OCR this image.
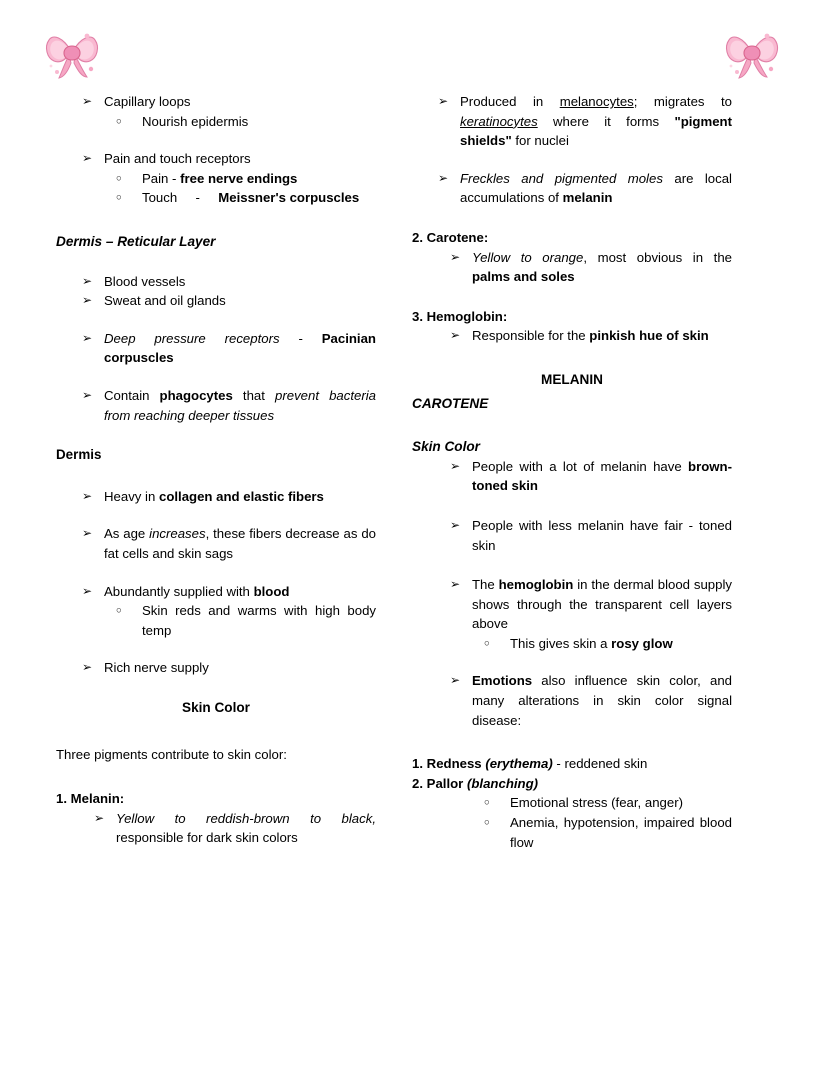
➢ Capillary loops
○	Nourish epidermis
➢ Pain and touch receptors
○	Pain - free nerve endings
○	Touch - Meissner's corpuscles
Dermis – Reticular Layer
➢ Blood vessels
➢ Sweat and oil glands
➢ Deep pressure receptors - Pacinian corpuscles
➢ Contain phagocytes that prevent bacteria from reaching deeper tissues
Dermis
➢ Heavy in collagen and elastic fibers
➢ As age increases, these fibers decrease as do fat cells and skin sags
➢ Abundantly supplied with blood
○	Skin reds and warms with high body temp
➢ Rich nerve supply
Skin Color
Three pigments contribute to skin color:
1. Melanin:
➢ Yellow to reddish-brown to black, responsible for dark skin colors
➢ Produced in melanocytes; migrates to keratinocytes where it forms "pigment shields" for nuclei
➢ Freckles and pigmented moles are local accumulations of melanin
2. Carotene:
➢ Yellow to orange, most obvious in the palms and soles
3. Hemoglobin:
➢ Responsible for the pinkish hue of skin
MELANIN
CAROTENE
Skin Color
➢ People with a lot of melanin have brown-toned skin
➢ People with less melanin have fair - toned skin
➢ The hemoglobin in the dermal blood supply shows through the transparent cell layers above
○	This gives skin a rosy glow
➢ Emotions also influence skin color, and many alterations in skin color signal disease:
1. Redness (erythema) - reddened skin
2. Pallor (blanching)
○	Emotional stress (fear, anger)
○	Anemia, hypotension, impaired blood flow
